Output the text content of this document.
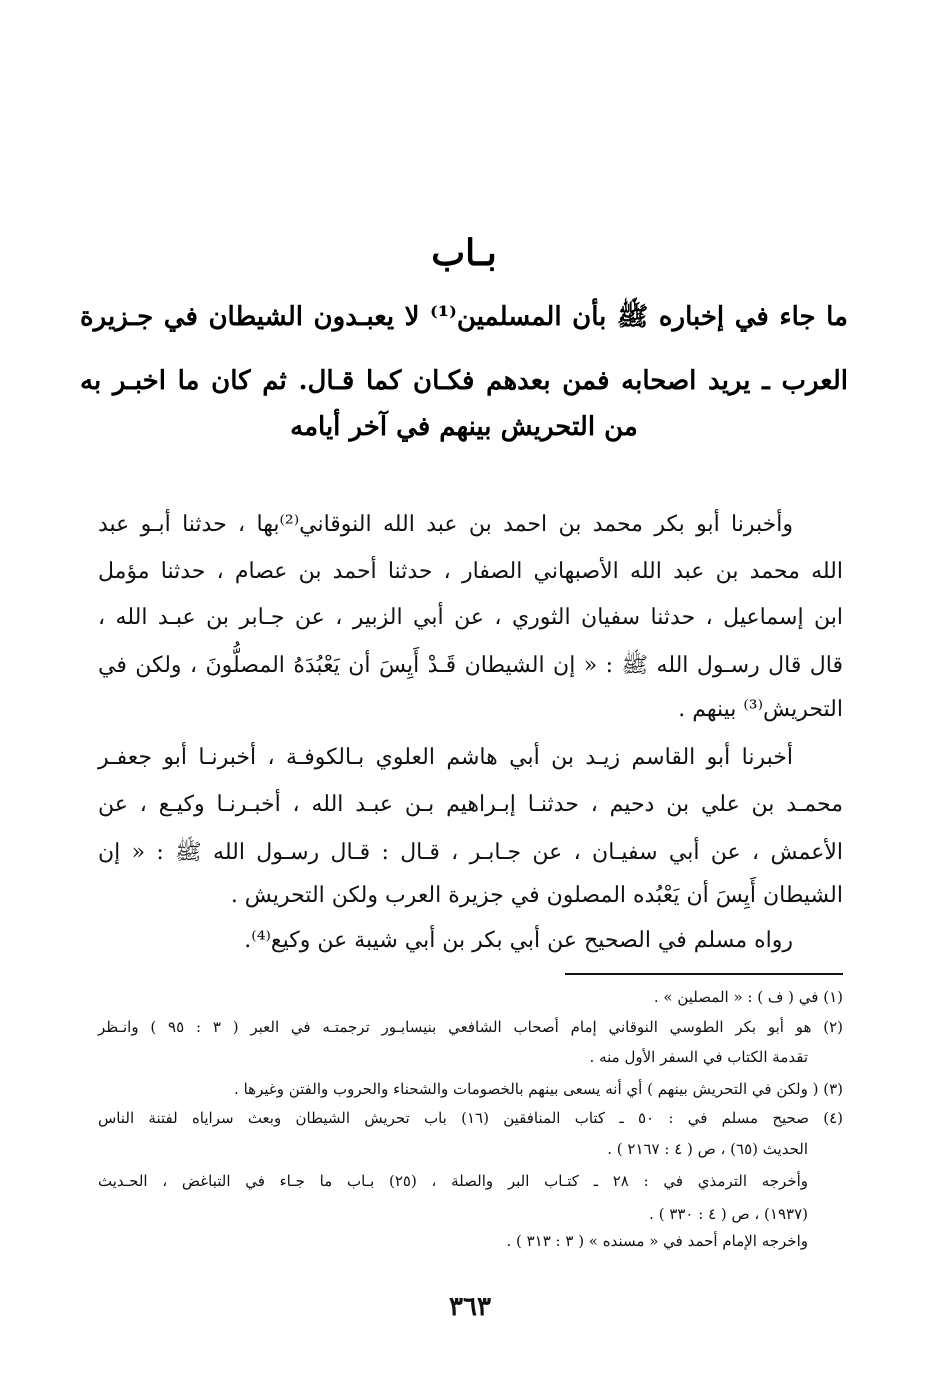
بـاب
ما جاء في إخباره ﷺ بأن المسلمين⁽¹⁾ لا يعبـدون الشيطان في جـزيرة
العرب ـ يريد اصحابه فمن بعدهم فكـان كما قـال. ثم كان ما اخبـر به
من التحريش بينهم في آخر أيامه
وأخبرنا أبو بكر محمد بن احمد بن عبد الله النوقاني⁽²⁾بها ، حدثنا أبـو عبد
الله محمد بن عبد الله الأصبهاني الصفار ، حدثنا أحمد بن عصام ، حدثنا مؤمل
ابن إسماعيل ، حدثنا سفيان الثوري ، عن أبي الزبير ، عن جـابر بن عبـد الله ،
قال قال رسـول الله ﷺ : « إن الشيطان قَـدْ أَيِسَ أن يَعْبُدَهُ المصلُّونَ ، ولكن في
التحريش⁽³⁾ بينهم .
أخبرنا أبو القاسم زيـد بن أبي هاشم العلوي بـالكوفـة ، أخبرنـا أبو جعفـر
محمـد بن علي بن دحيم ، حدثنـا إبـراهيم بـن عبـد الله ، أخبـرنـا وكيـع ، عن
الأعمش ، عن أبي سفيـان ، عن جـابـر ، قـال : قـال رسـول الله ﷺ : « إن
الشيطان أَيِسَ أن يَعْبُده المصلون في جزيرة العرب ولكن التحريش .
رواه مسلم في الصحيح عن أبي بكر بن أبي شيبة عن وكيع⁽⁴⁾.
(١) في ( ف ) : « المصلين » .
(٢) هو أبو بكر الطوسي النوقاني إمام أصحاب الشافعي بنيسابـور ترجمتـه في العبر ( ٣ : ٩٥ ) وانـظر
تقدمة الكتاب في السفر الأول منه .
(٣) ( ولكن في التحريش بينهم ) أي أنه يسعى بينهم بالخصومات والشحناء والحروب والفتن وغيرها .
(٤) صحيح مسلم في : ٥٠ ـ كتاب المنافقين (١٦) باب تحريش الشيطان وبعث سراياه لفتنة الناس
الحديث (٦٥) ، ص ( ٤ : ٢١٦٧ ) .
وأخرجه الترمذي في : ٢٨ ـ كتـاب البر والصلة ، (٢٥) بـاب ما جـاء في التباغض ، الحـديث
(١٩٣٧) ، ص ( ٤ : ٣٣٠ ) .
واخرجه الإمام أحمد في « مسنده » ( ٣ : ٣١٣ ) .
٣٦٣
